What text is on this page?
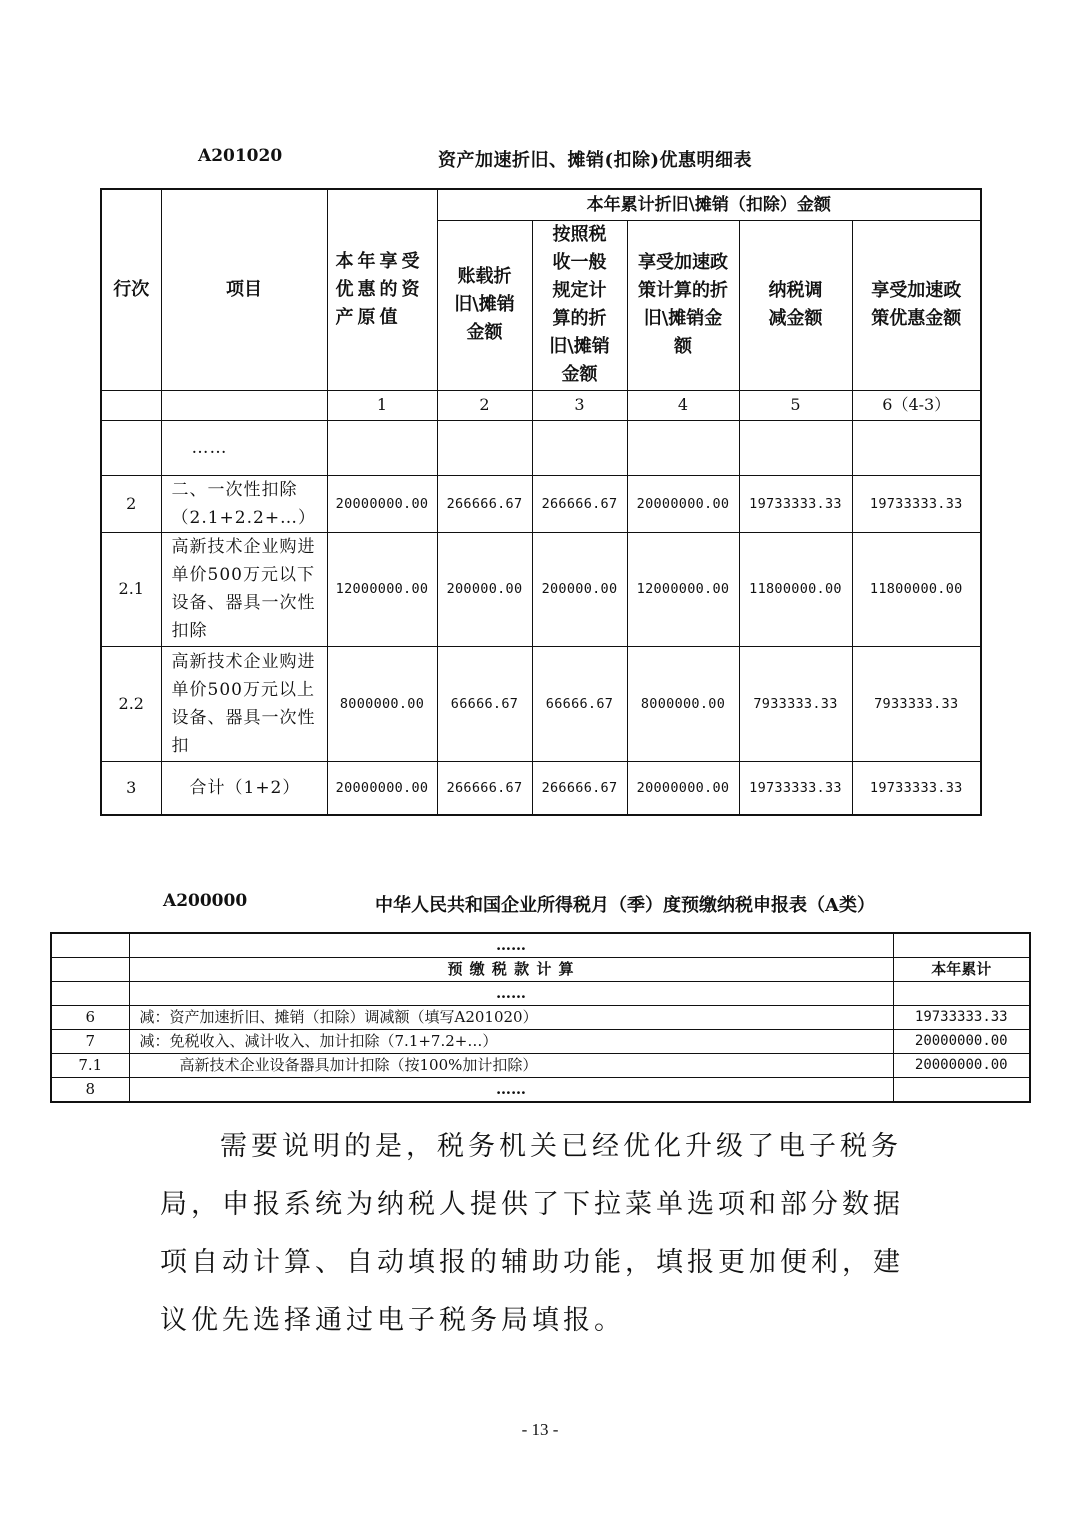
A201020	资产加速折旧、摊销(扣除)优惠明细表
行次	项目	本年享受优惠的资产原值	本年累计折旧\摊销（扣除）金额				
			账载折旧\摊销金额	按照税收一般规定计算的折旧\摊销金额	享受加速政策计算的折旧\摊销金额	纳税调减金额	享受加速政策优惠金额
		1	2	3	4	5	6（4-3）
	……						
2	二、一次性扣除（2.1+2.2+…）	20000000.00	266666.67	266666.67	20000000.00	19733333.33	19733333.33
2.1	高新技术企业购进单价500万元以下设备、器具一次性扣除	12000000.00	200000.00	200000.00	12000000.00	11800000.00	11800000.00
2.2	高新技术企业购进单价500万元以上设备、器具一次性扣	8000000.00	66666.67	66666.67	8000000.00	7933333.33	7933333.33
3	合计（1+2）	20000000.00	266666.67	266666.67	20000000.00	19733333.33	19733333.33
A200000	中华人民共和国企业所得税月（季）度预缴纳税申报表（A类）
	……	
	预 缴 税 款 计 算	本年累计
	……	
6	减：资产加速折旧、摊销（扣除）调减额（填写A201020）	19733333.33
7	减：免税收入、减计收入、加计扣除（7.1+7.2+…）	20000000.00
7.1	高新技术企业设备器具加计扣除（按100%加计扣除）	20000000.00
8	……	
需要说明的是，税务机关已经优化升级了电子税务局，申报系统为纳税人提供了下拉菜单选项和部分数据项自动计算、自动填报的辅助功能，填报更加便利，建议优先选择通过电子税务局填报。
- 13 -
